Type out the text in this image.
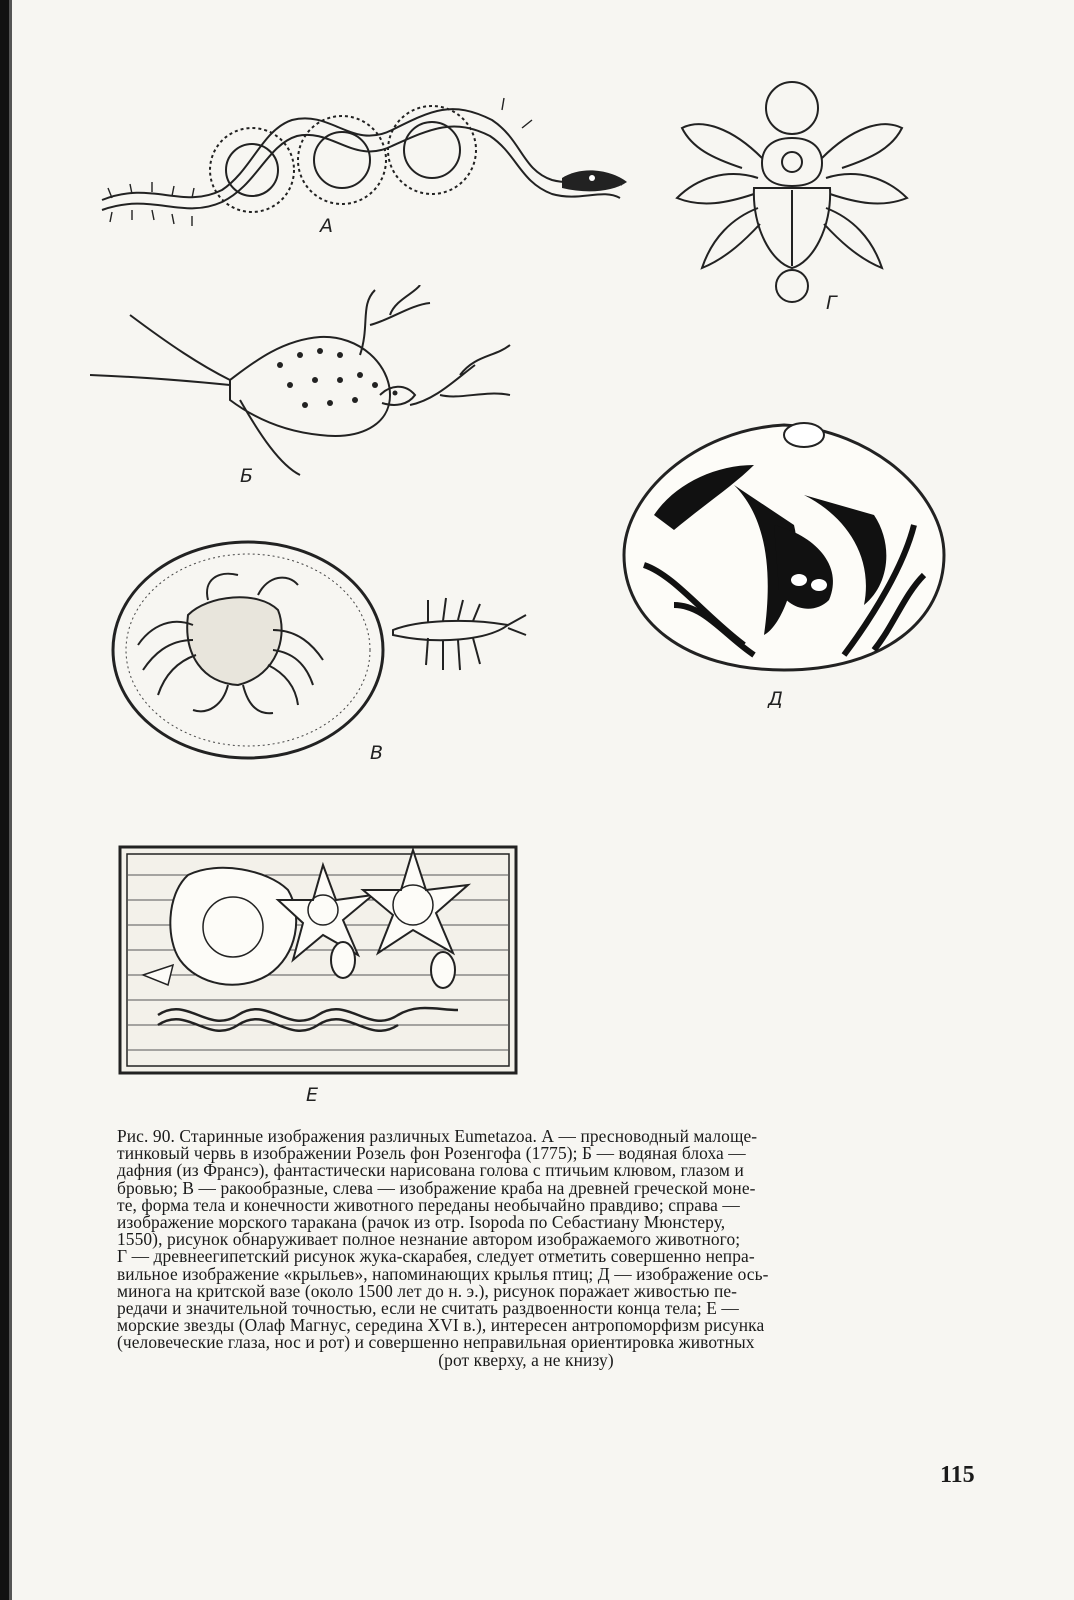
А
Г
Б
Д
В
Е
Рис. 90. Старинные изображения различных Eumetazoa. А — пресноводный малоще-
тинковый червь в изображении Розель фон Розенгофа (1775); Б — водяная блоха —
дафния (из Франсэ), фантастически нарисована голова с птичьим клювом, глазом и
бровью; В — ракообразные, слева — изображение краба на древней греческой моне-
те, форма тела и конечности животного переданы необычайно правдиво; справа —
изображение морского таракана (рачок из отр. Isopoda по Себастиану Мюнстеру,
1550), рисунок обнаруживает полное незнание автором изображаемого животного;
Г — древнеегипетский рисунок жука-скарабея, следует отметить совершенно непра-
вильное изображение «крыльев», напоминающих крылья птиц; Д — изображение ось-
минога на критской вазе (около 1500 лет до н. э.), рисунок поражает живостью пе-
редачи и значительной точностью, если не считать раздвоенности конца тела; Е —
морские звезды (Олаф Магнус, середина XVI в.), интересен антропоморфизм рисунка
(человеческие глаза, нос и рот) и совершенно неправильная ориентировка животных
(рот кверху, а не книзу)
115
